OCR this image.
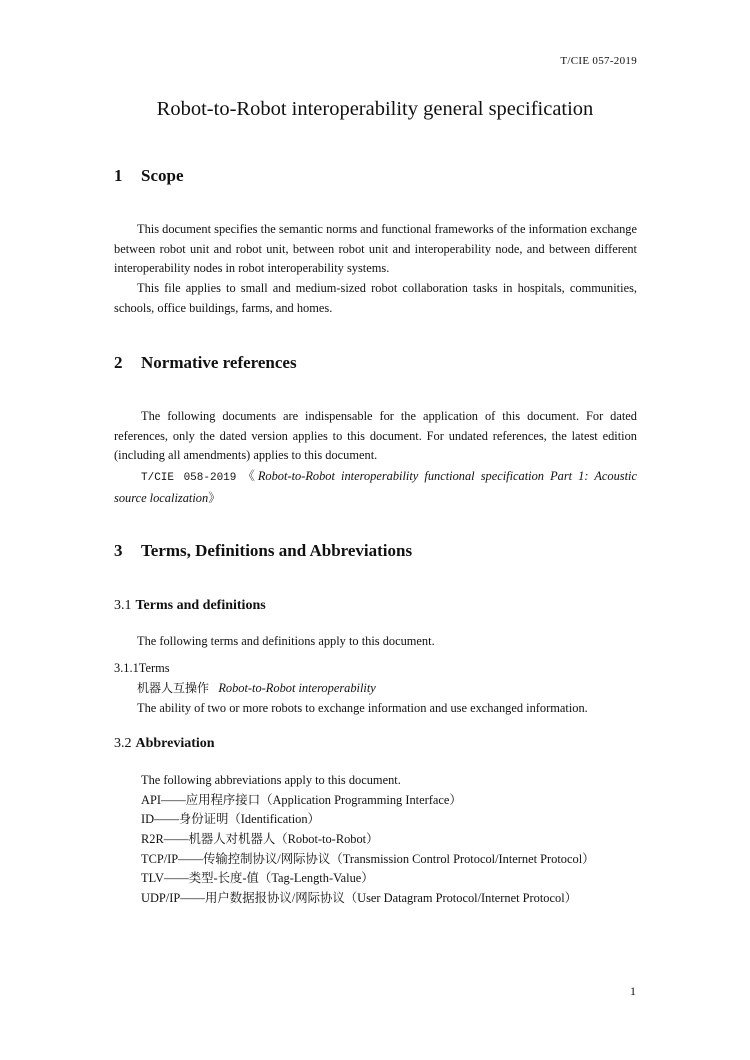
T/CIE 057-2019
Robot-to-Robot interoperability general specification
1 Scope
This document specifies the semantic norms and functional frameworks of the information exchange between robot unit and robot unit, between robot unit and interoperability node, and between different interoperability nodes in robot interoperability systems.
This file applies to small and medium-sized robot collaboration tasks in hospitals, communities, schools, office buildings, farms, and homes.
2 Normative references
The following documents are indispensable for the application of this document. For dated references, only the dated version applies to this document. For undated references, the latest edition (including all amendments) applies to this document.
T/CIE 058-2019 《Robot-to-Robot interoperability functional specification Part 1: Acoustic source localization》
3 Terms, Definitions and Abbreviations
3.1 Terms and definitions
The following terms and definitions apply to this document.
3.1.1Terms
机器人互操作 Robot-to-Robot interoperability
The ability of two or more robots to exchange information and use exchanged information.
3.2 Abbreviation
The following abbreviations apply to this document.
API——应用程序接口（Application Programming Interface）
ID——身份证明（Identification）
R2R——机器人对机器人（Robot-to-Robot）
TCP/IP——传输控制协议/网际协议（Transmission Control Protocol/Internet Protocol）
TLV——类型-长度-值（Tag-Length-Value）
UDP/IP——用户数据报协议/网际协议（User Datagram Protocol/Internet Protocol）
1
